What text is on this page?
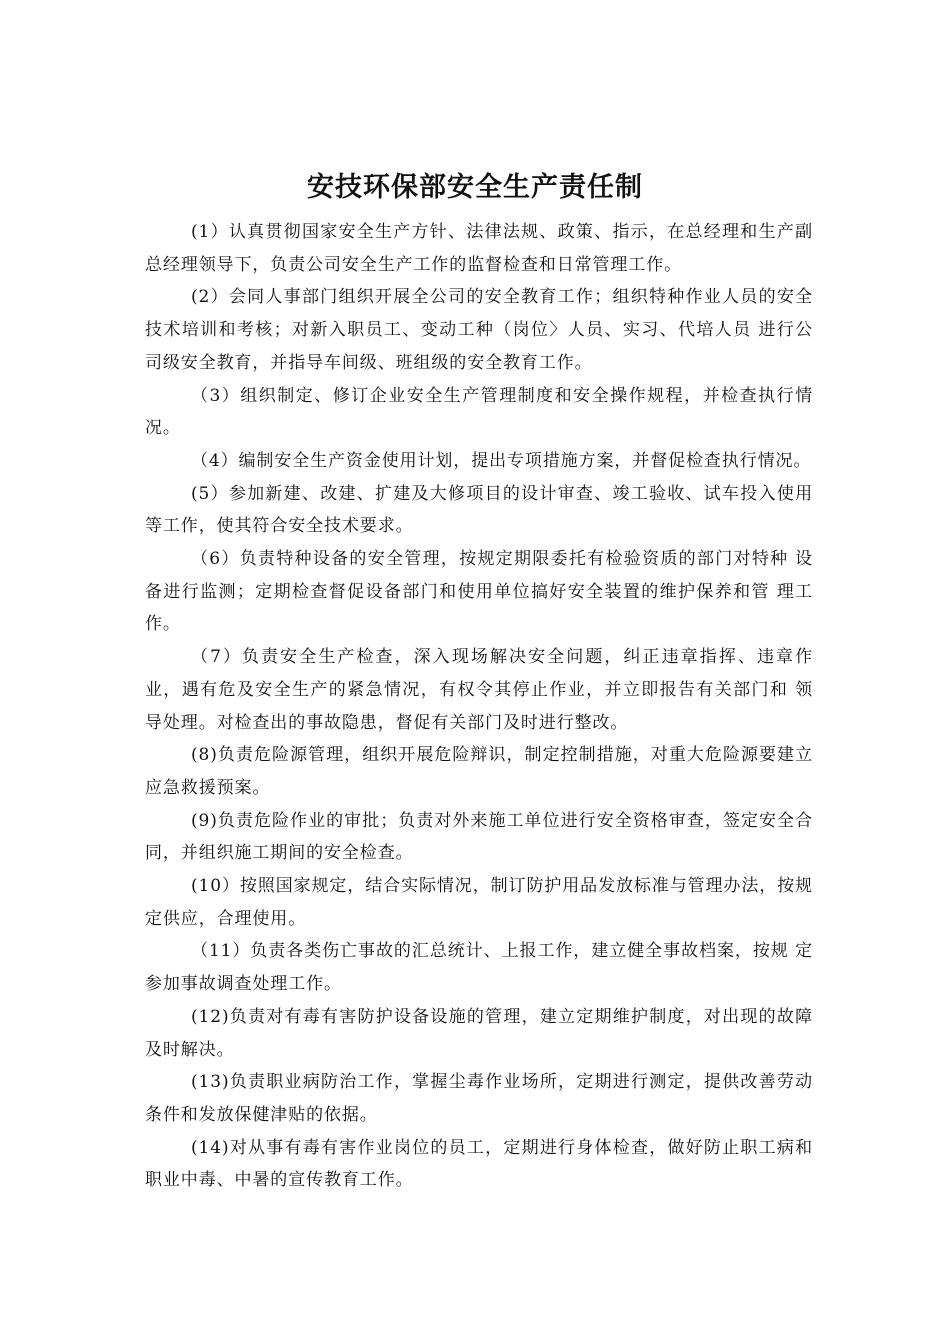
安技环保部安全生产责任制

(1）认真贯彻国家安全生产方针、法律法规、政策、指示，在总经理和生产副总经理领导下，负责公司安全生产工作的监督检查和日常管理工作。

(2）会同人事部门组织开展全公司的安全教育工作；组织特种作业人员的安全技术培训和考核；对新入职员工、变动工种（岗位〉人员、实习、代培人员 进行公司级安全教育，并指导车间级、班组级的安全教育工作。

（3）组织制定、修订企业安全生产管理制度和安全操作规程，并检查执行情况。

（4）编制安全生产资金使用计划，提出专项措施方案，并督促检查执行情况。

(5）参加新建、改建、扩建及大修项目的设计审查、竣工验收、试车投入使用等工作，使其符合安全技术要求。

（6）负责特种设备的安全管理，按规定期限委托有检验资质的部门对特种 设备进行监测；定期检查督促设备部门和使用单位搞好安全装置的维护保养和管 理工作。

（7）负责安全生产检查，深入现场解决安全问题，纠正违章指挥、违章作 业，遇有危及安全生产的紧急情况，有权令其停止作业，并立即报告有关部门和 领导处理。对检查出的事故隐患，督促有关部门及时进行整改。

(8)负责危险源管理，组织开展危险辩识，制定控制措施，对重大危险源要建立应急救援预案。

(9)负责危险作业的审批；负责对外来施工单位进行安全资格审查，签定安全合同，并组织施工期间的安全检查。

(10）按照国家规定，结合实际情况，制订防护用品发放标准与管理办法，按规定供应，合理使用。

（11）负责各类伤亡事故的汇总统计、上报工作，建立健全事故档案，按规 定参加事故调查处理工作。

(12)负责对有毒有害防护设备设施的管理，建立定期维护制度，对出现的故障及时解决。

(13)负责职业病防治工作，掌握尘毒作业场所，定期进行测定，提供改善劳动条件和发放保健津贴的依据。

(14)对从事有毒有害作业岗位的员工，定期进行身体检查，做好防止职工病和职业中毒、中暑的宣传教育工作。
